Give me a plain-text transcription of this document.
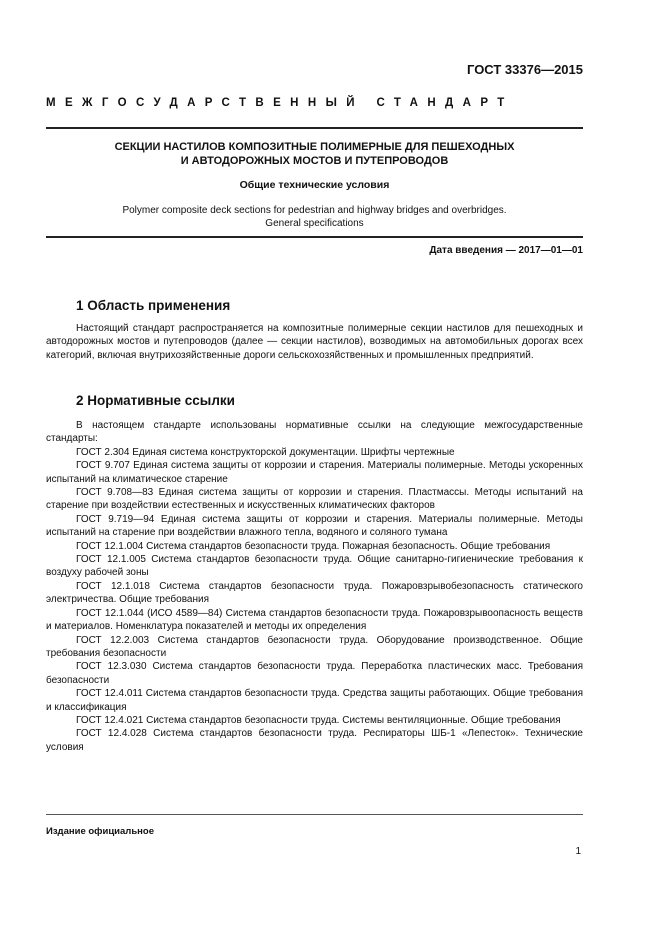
ГОСТ 33376—2015
МЕЖГОСУДАРСТВЕННЫЙ СТАНДАРТ
СЕКЦИИ НАСТИЛОВ КОМПОЗИТНЫЕ ПОЛИМЕРНЫЕ ДЛЯ ПЕШЕХОДНЫХ
И АВТОДОРОЖНЫХ МОСТОВ И ПУТЕПРОВОДОВ
Общие технические условия
Polymer composite deck sections for pedestrian and highway bridges and overbridges.
General specifications
Дата введения — 2017—01—01
1 Область применения

Настоящий стандарт распространяется на композитные полимерные секции настилов для пешеходных и автодорожных мостов и путепроводов (далее — секции настилов), возводимых на автомобильных дорогах всех категорий, включая внутрихозяйственные дороги сельскохозяйственных и промышленных предприятий.

2 Нормативные ссылки

В настоящем стандарте использованы нормативные ссылки на следующие межгосударственные стандарты:

ГОСТ 2.304 Единая система конструкторской документации. Шрифты чертежные

ГОСТ 9.707 Единая система защиты от коррозии и старения. Материалы полимерные. Методы ускоренных испытаний на климатическое старение

ГОСТ 9.708—83 Единая система защиты от коррозии и старения. Пластмассы. Методы испытаний на старение при воздействии естественных и искусственных климатических факторов

ГОСТ 9.719—94 Единая система защиты от коррозии и старения. Материалы полимерные. Методы испытаний на старение при воздействии влажного тепла, водяного и соляного тумана

ГОСТ 12.1.004 Система стандартов безопасности труда. Пожарная безопасность. Общие требования

ГОСТ 12.1.005 Система стандартов безопасности труда. Общие санитарно-гигиенические требования к воздуху рабочей зоны

ГОСТ 12.1.018 Система стандартов безопасности труда. Пожаровзрывобезопасность статического электричества. Общие требования

ГОСТ 12.1.044 (ИСО 4589—84) Система стандартов безопасности труда. Пожаровзрывоопасность веществ и материалов. Номенклатура показателей и методы их определения

ГОСТ 12.2.003 Система стандартов безопасности труда. Оборудование производственное. Общие требования безопасности

ГОСТ 12.3.030 Система стандартов безопасности труда. Переработка пластических масс. Требования безопасности

ГОСТ 12.4.011 Система стандартов безопасности труда. Средства защиты работающих. Общие требования и классификация

ГОСТ 12.4.021 Система стандартов безопасности труда. Системы вентиляционные. Общие требования

ГОСТ 12.4.028 Система стандартов безопасности труда. Респираторы ШБ-1 «Лепесток». Технические условия

Издание официальное
1
